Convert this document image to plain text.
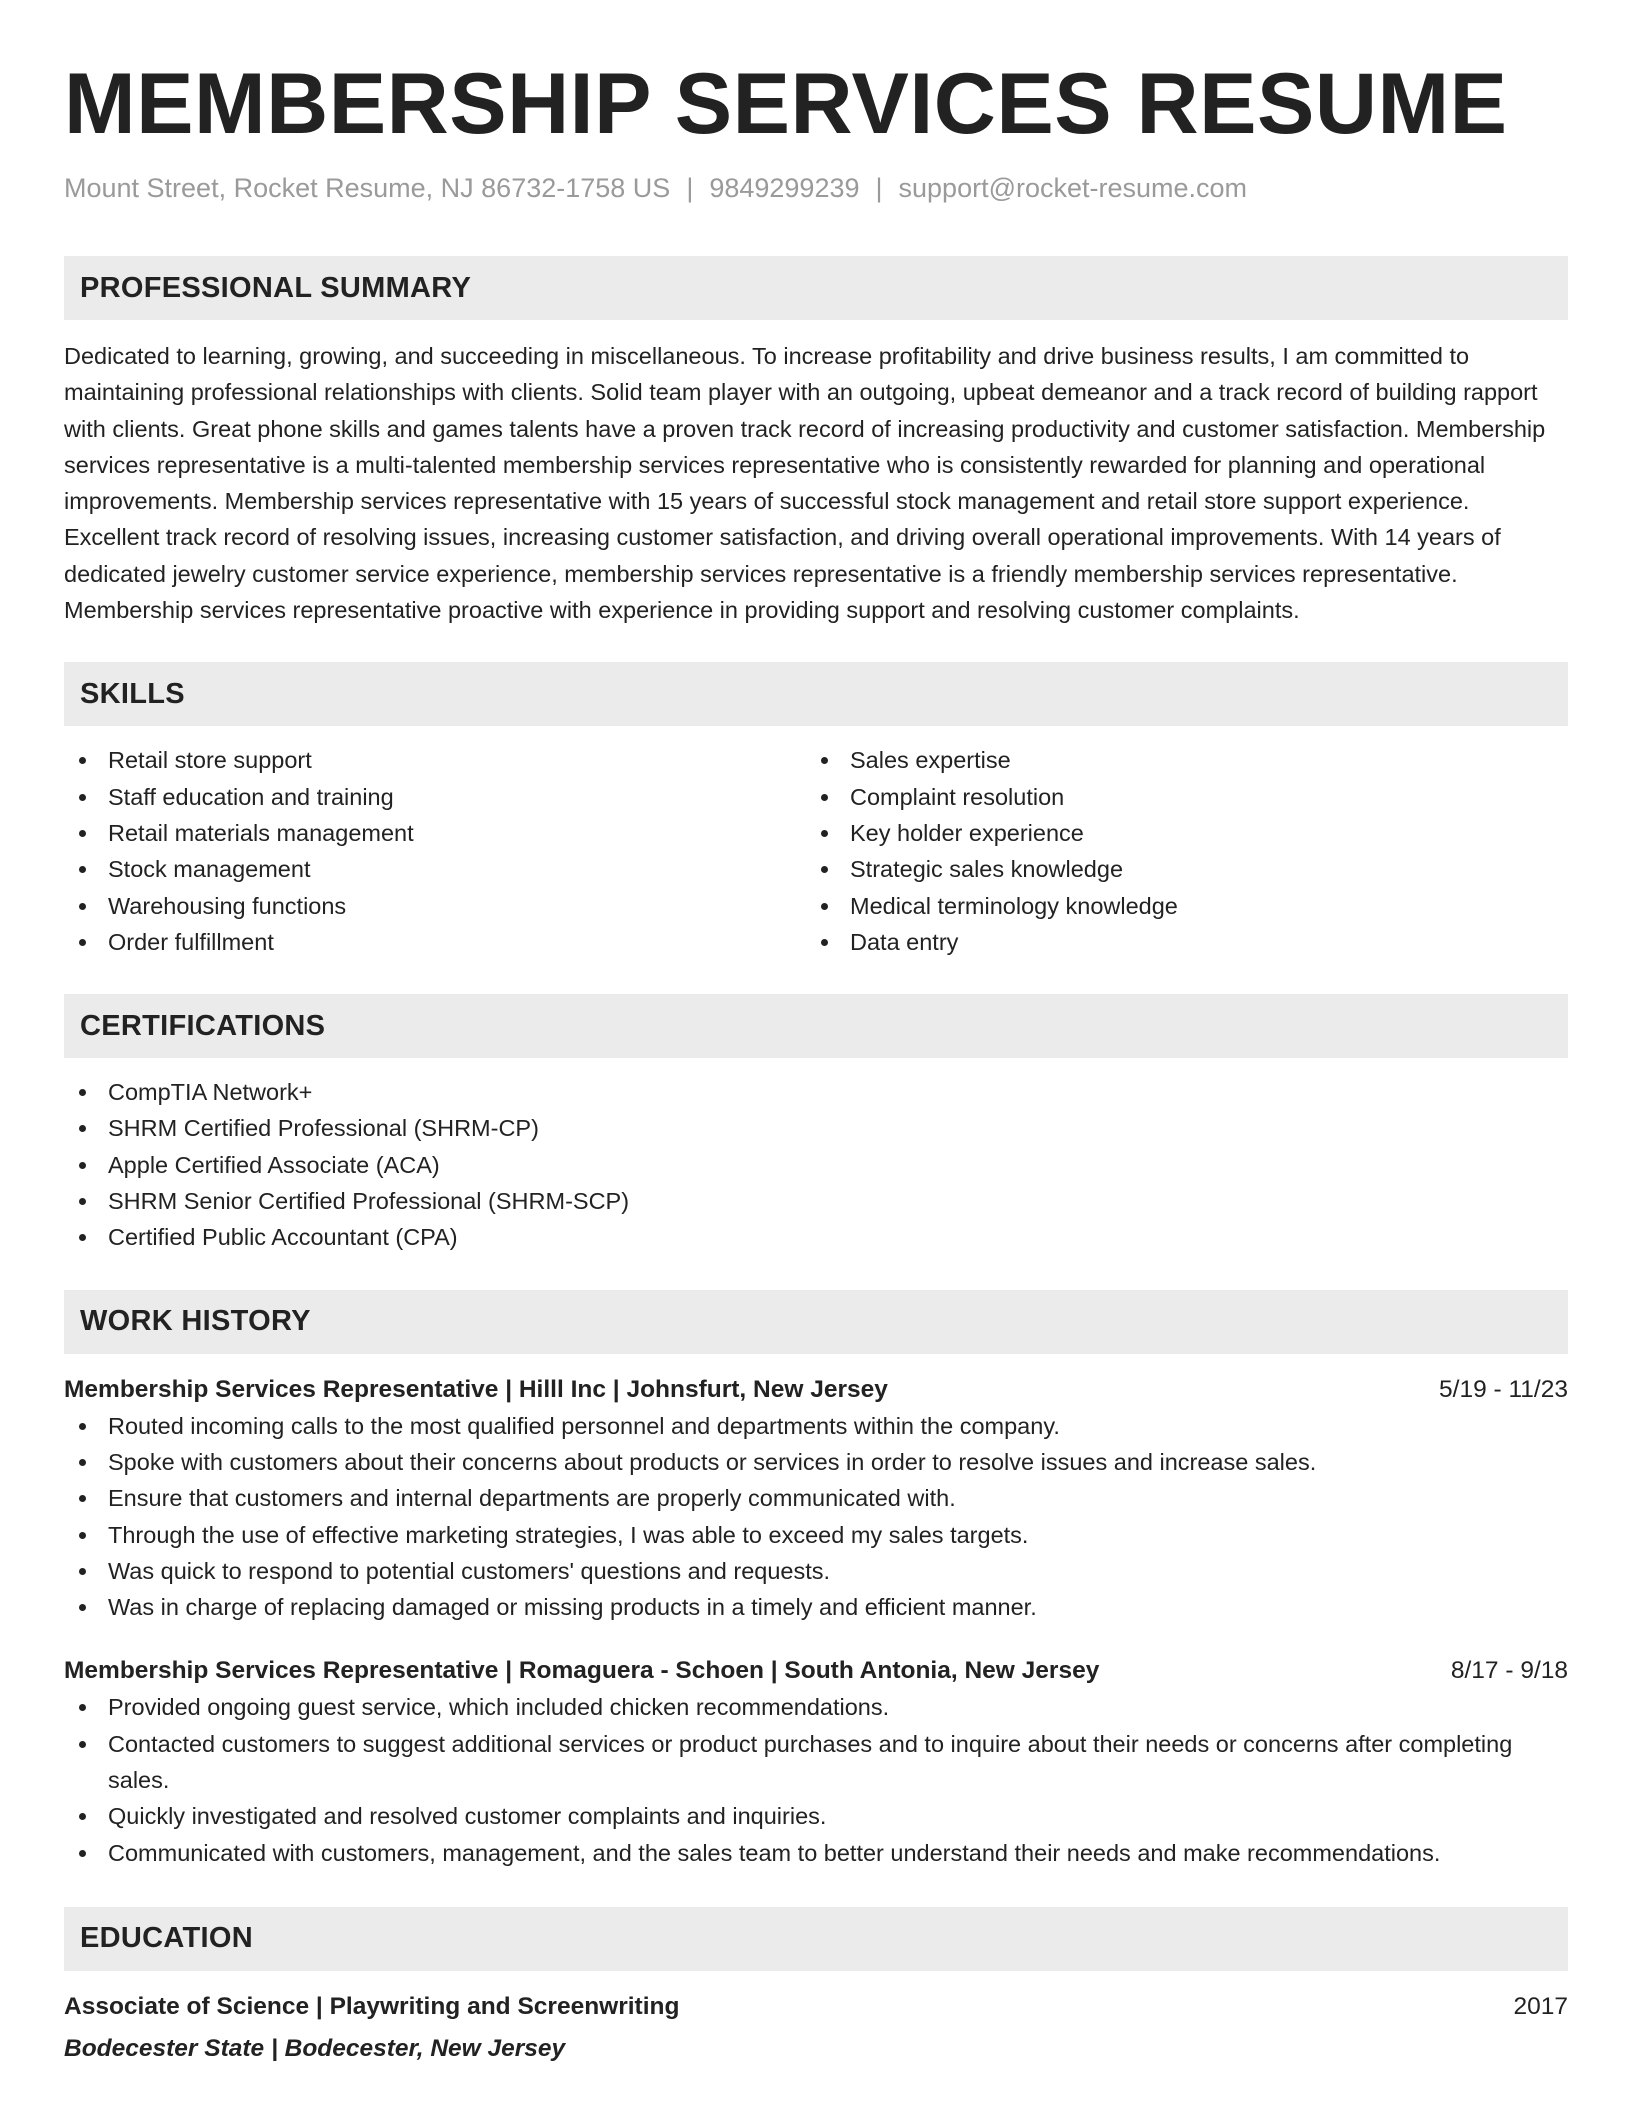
MEMBERSHIP SERVICES RESUME
Mount Street, Rocket Resume, NJ 86732-1758 US | 9849299239 | support@rocket-resume.com
PROFESSIONAL SUMMARY

Dedicated to learning, growing, and succeeding in miscellaneous. To increase profitability and drive business results, I am committed to maintaining professional relationships with clients. Solid team player with an outgoing, upbeat demeanor and a track record of building rapport with clients. Great phone skills and games talents have a proven track record of increasing productivity and customer satisfaction. Membership services representative is a multi-talented membership services representative who is consistently rewarded for planning and operational improvements. Membership services representative with 15 years of successful stock management and retail store support experience. Excellent track record of resolving issues, increasing customer satisfaction, and driving overall operational improvements. With 14 years of dedicated jewelry customer service experience, membership services representative is a friendly membership services representative. Membership services representative proactive with experience in providing support and resolving customer complaints.

SKILLS
Retail store support
Staff education and training
Retail materials management
Stock management
Warehousing functions
Order fulfillment
Sales expertise
Complaint resolution
Key holder experience
Strategic sales knowledge
Medical terminology knowledge
Data entry
CERTIFICATIONS
CompTIA Network+
SHRM Certified Professional (SHRM-CP)
Apple Certified Associate (ACA)
SHRM Senior Certified Professional (SHRM-SCP)
Certified Public Accountant (CPA)
WORK HISTORY
Membership Services Representative | Hilll Inc | Johnsfurt, New Jersey	5/19 - 11/23
Routed incoming calls to the most qualified personnel and departments within the company.
Spoke with customers about their concerns about products or services in order to resolve issues and increase sales.
Ensure that customers and internal departments are properly communicated with.
Through the use of effective marketing strategies, I was able to exceed my sales targets.
Was quick to respond to potential customers' questions and requests.
Was in charge of replacing damaged or missing products in a timely and efficient manner.
Membership Services Representative | Romaguera - Schoen | South Antonia, New Jersey	8/17 - 9/18
Provided ongoing guest service, which included chicken recommendations.
Contacted customers to suggest additional services or product purchases and to inquire about their needs or concerns after completing sales.
Quickly investigated and resolved customer complaints and inquiries.
Communicated with customers, management, and the sales team to better understand their needs and make recommendations.
EDUCATION
Associate of Science | Playwriting and Screenwriting	2017
Bodecester State | Bodecester, New Jersey
